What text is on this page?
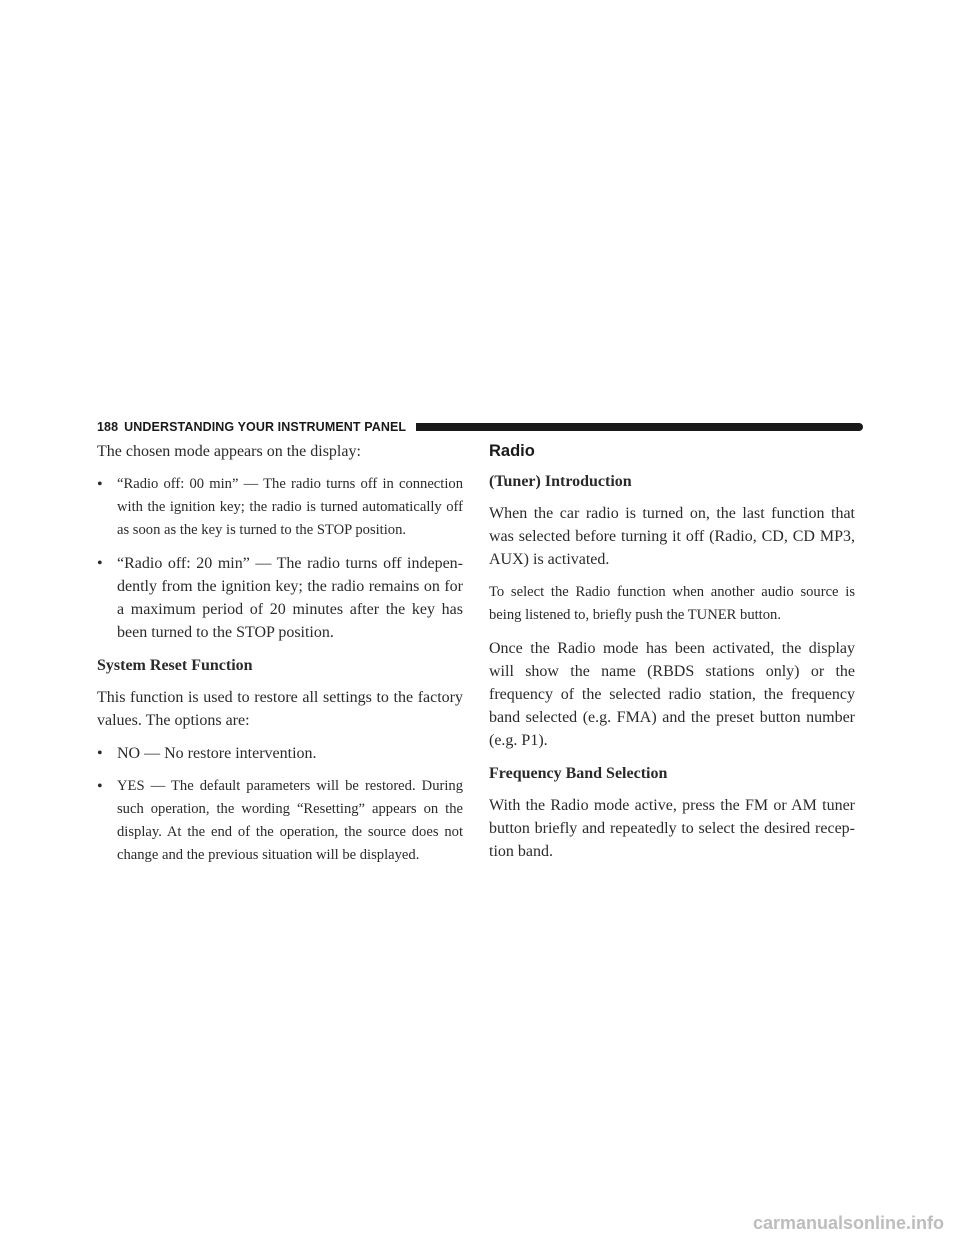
188 UNDERSTANDING YOUR INSTRUMENT PANEL

The chosen mode appears on the display:

• “Radio off: 00 min” — The radio turns off in connection with the ignition key; the radio is turned automatically off as soon as the key is turned to the STOP position.

• “Radio off: 20 min” — The radio turns off indepen-dently from the ignition key; the radio remains on for a maximum period of 20 minutes after the key has been turned to the STOP position.

System Reset Function

This function is used to restore all settings to the factory values. The options are:

• NO — No restore intervention.

• YES — The default parameters will be restored. During such operation, the wording “Resetting” appears on the display. At the end of the operation, the source does not change and the previous situation will be displayed.

Radio
(Tuner) Introduction

When the car radio is turned on, the last function that was selected before turning it off (Radio, CD, CD MP3, AUX) is activated.

To select the Radio function when another audio source is being listened to, briefly push the TUNER button.

Once the Radio mode has been activated, the display will show the name (RBDS stations only) or the frequency of the selected radio station, the frequency band selected (e.g. FMA) and the preset button number (e.g. P1).

Frequency Band Selection

With the Radio mode active, press the FM or AM tuner button briefly and repeatedly to select the desired recep-tion band.

carmanualsonline.info
